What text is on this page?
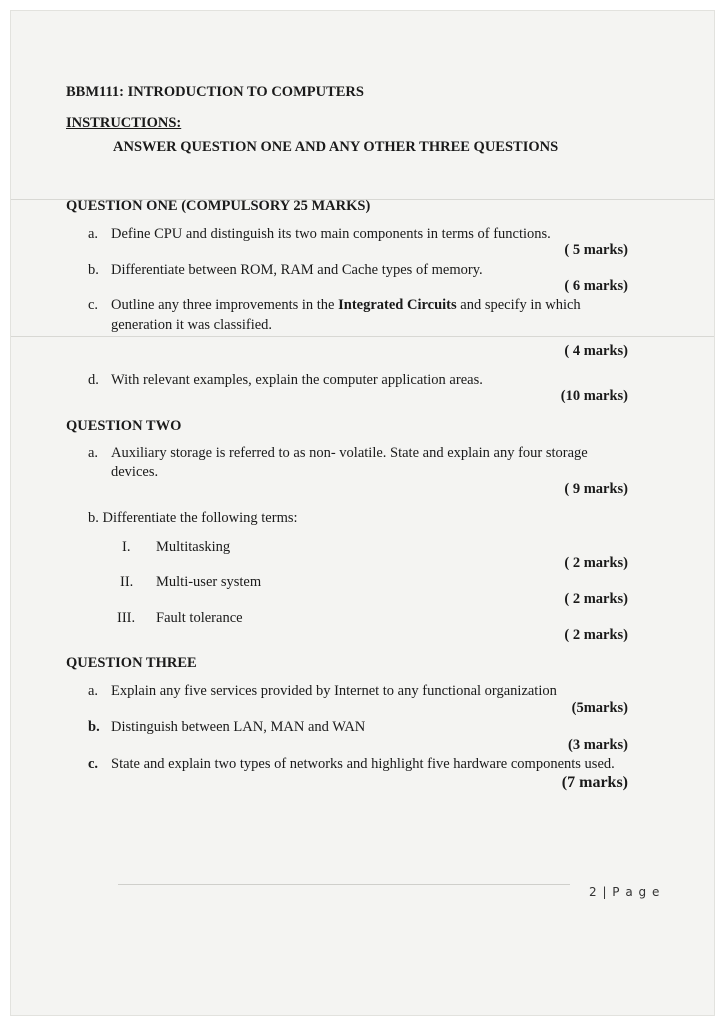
BBM111: INTRODUCTION TO COMPUTERS
INSTRUCTIONS:
ANSWER QUESTION ONE AND ANY OTHER THREE QUESTIONS
QUESTION ONE (COMPULSORY 25 MARKS)
a. Define CPU and distinguish its two main components in terms of functions.
( 5 marks)
b. Differentiate between ROM, RAM and Cache types of memory.
( 6 marks)
c. Outline any three improvements in the Integrated Circuits and specify in which
generation it was classified.
( 4 marks)
d. With relevant examples, explain the computer application areas.
(10 marks)
QUESTION TWO
a. Auxiliary storage is referred to as non- volatile. State and explain any four storage
devices.
( 9 marks)
b. Differentiate the following terms:
I. Multitasking
( 2 marks)
II. Multi-user system
( 2 marks)
III. Fault tolerance
( 2 marks)
QUESTION THREE
a. Explain any five services provided by Internet to any functional organization
(5marks)
b. Distinguish between LAN, MAN and WAN
(3 marks)
c. State and explain two types of networks and highlight five hardware components used.
(7 marks)
2 | P a g e
